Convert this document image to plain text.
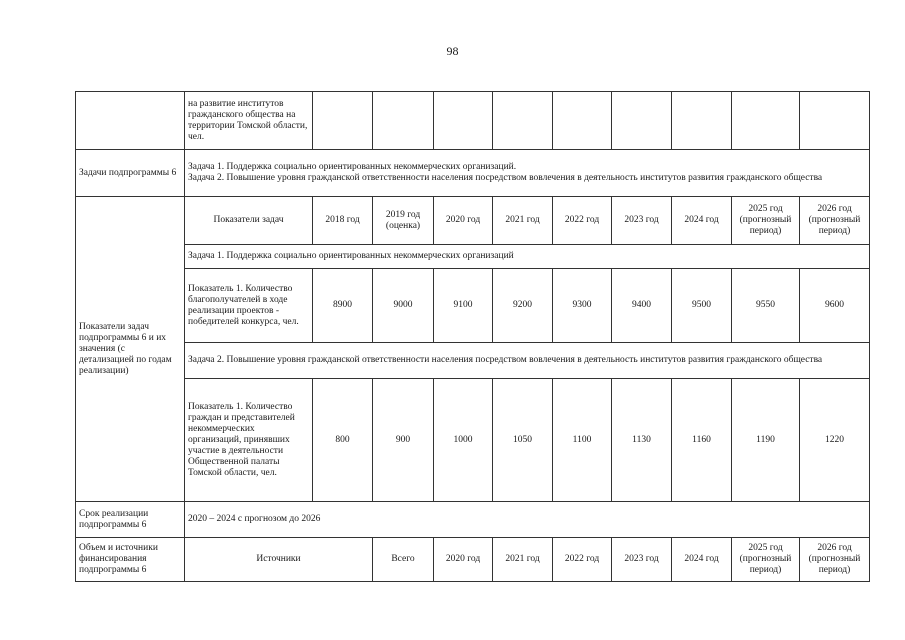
98
	на развитие институтов гражданского общества на территории Томской области, чел.									
Задачи подпрограммы 6	Задача 1. Поддержка социально ориентированных некоммерческих организаций.
Задача 2. Повышение уровня гражданской ответственности населения посредством вовлечения в деятельность институтов развития гражданского общества									

Показатели задач подпрограммы 6 и их значения (с детализацией по годам реализации)	Показатели задач	2018 год	2019 год (оценка)	2020 год	2021 год	2022 год	2023 год	2024 год	2025 год (прогнозный период)	2026 год (прогнозный период)
	Задача 1. Поддержка социально ориентированных некоммерческих организаций									
	Показатель 1. Количество благополучателей в ходе реализации проектов - победителей конкурса, чел.	8900	9000	9100	9200	9300	9400	9500	9550	9600
	Задача 2. Повышение уровня гражданской ответственности населения посредством вовлечения в деятельность институтов развития гражданского общества									
	Показатель 1. Количество граждан и представителей некоммерческих организаций, принявших участие в деятельности Общественной палаты Томской области, чел.	800	900	1000	1050	1100	1130	1160	1190	1220
Срок реализации подпрограммы 6	2020 – 2024 с прогнозом до 2026									
Объем и источники финансирования подпрограммы 6	Источники		Всего	2020 год	2021 год	2022 год	2023 год	2024 год	2025 год (прогнозный период)	2026 год (прогнозный период)
